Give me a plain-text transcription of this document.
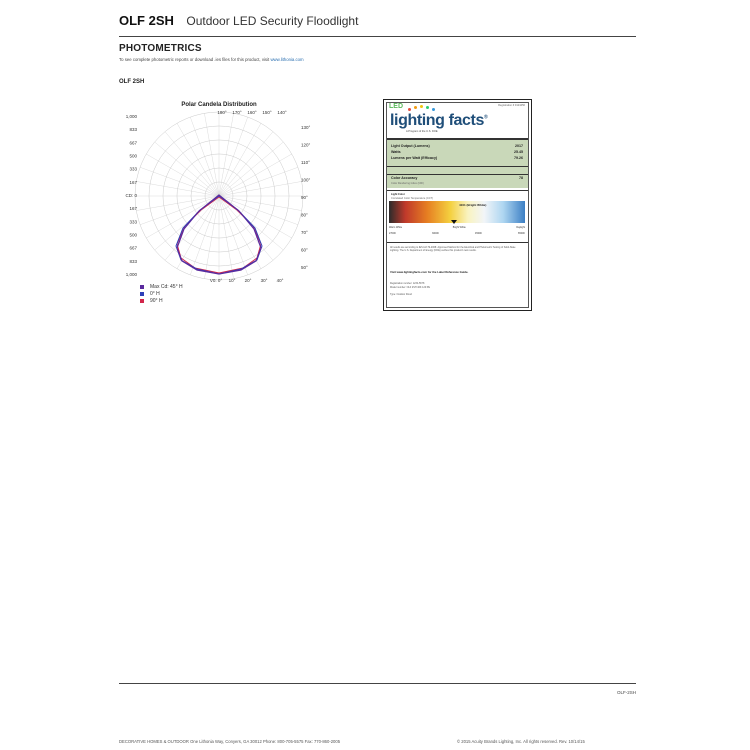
OLF 2SH Outdoor LED Security Floodlight
PHOTOMETRICS
To see complete photometric reports or download .ies files for this product, visit www.lithonia.com
OLF 2SH
Polar Candela Distribution
1,000
833
667
500
333
167
CD: 0
167
333
500
667
833
1,000
180° 170° 160° 150° 140°
130°
120°
110°
100°
90°
80°
70°
60°
50°
V0: 0° 10° 20° 30° 40°
Max Cd: 45° H
0° H
90° H
Registration # 0123456
LED
lighting facts®
A Program of the U.S. DOE
Light Output (Lumens)	2017
Watts	25.45
Lumens per Watt (Efficacy)	79.26
Color Accuracy	78
Color Rendering Index (CRI)
Light Color
Correlated Color Temperature (CCT)
4101 (Bright White)
Warm White	Bright White	Daylight
2700K	3000K	4500K	6500K
All results are according to IES LM-79-2008: Approved Method for the Electrical and Photometric Testing of Solid-State Lighting. The U.S. Department of Energy (DOE) verifies this product's test results.
Visit www.lightingfacts.com for the Label Reference Guide.
Registration number: 1234-5678
Model number: OLF 2SH 40K 120 PE
Type: Outdoor Flood
OLF-2SH
DECORATIVE HOMES & OUTDOOR One Lithonia Way, Conyers, GA 30012 Phone: 800-705-5575 Fax: 770-860-2005	© 2015 Acuity Brands Lighting, Inc. All rights reserved. Rev. 10/14/15
